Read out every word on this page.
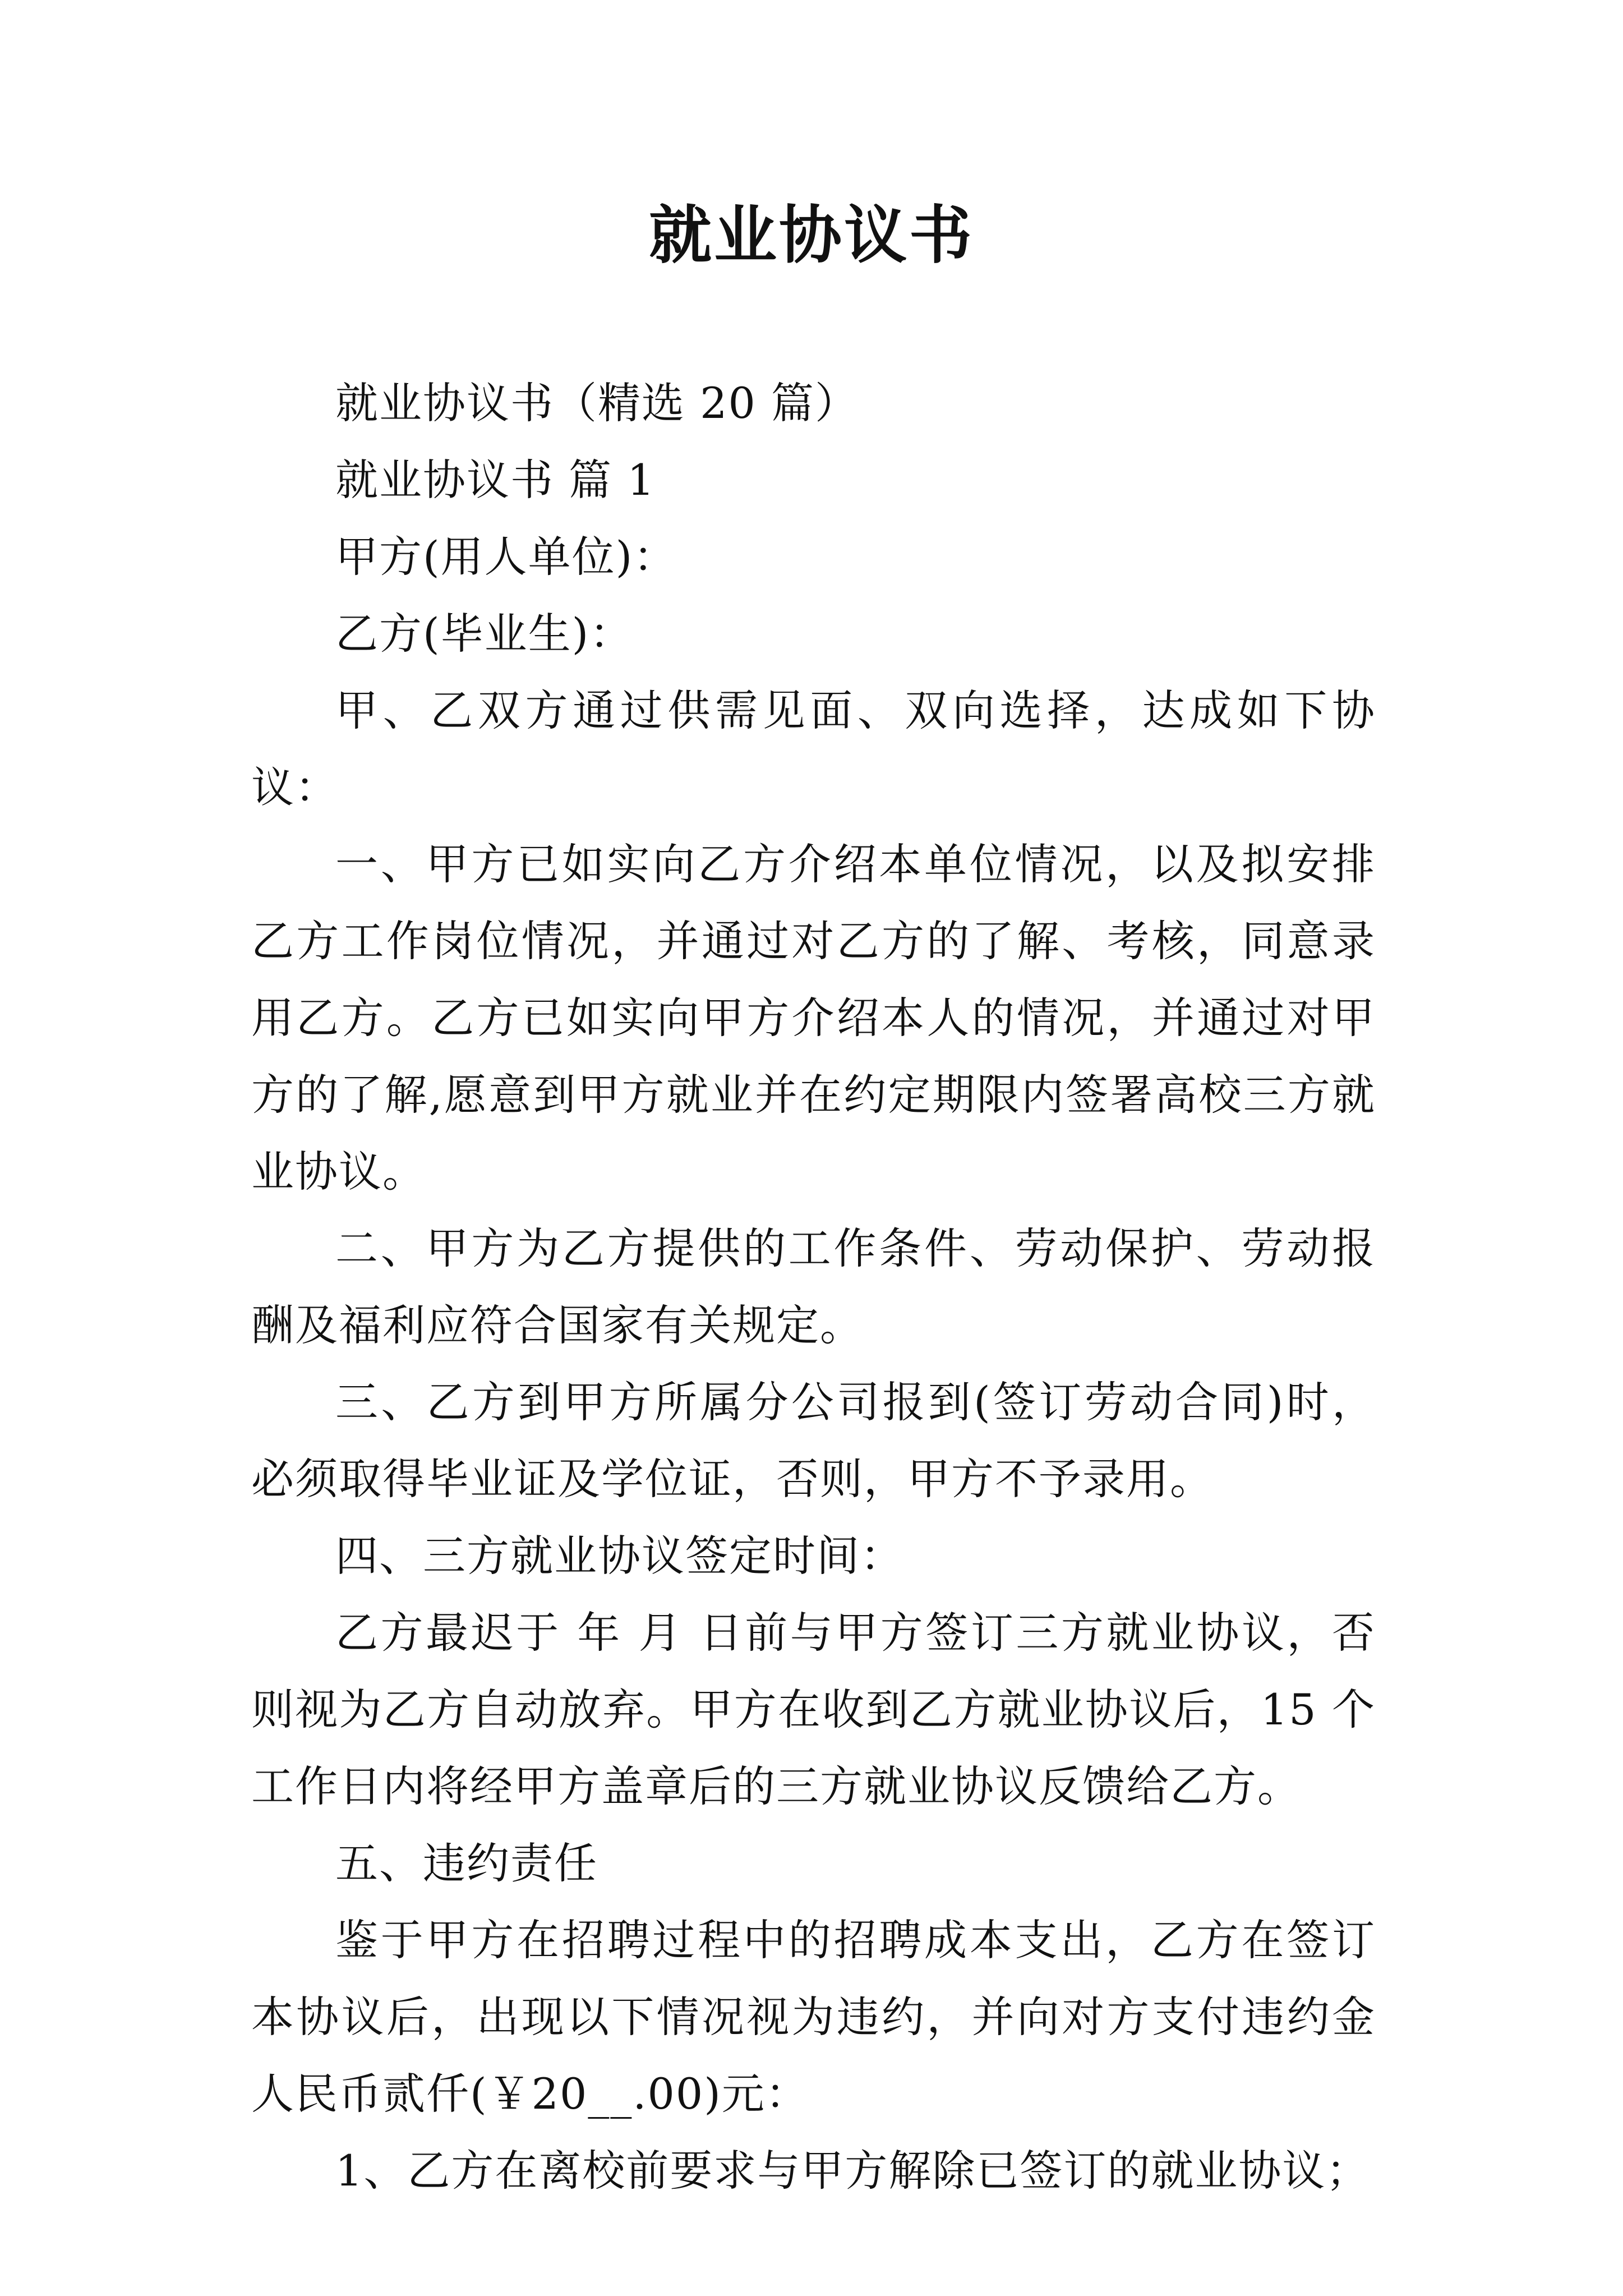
就业协议书

就业协议书（精选 20 篇）

就业协议书 篇 1

甲方(用人单位)：

乙方(毕业生)：

甲、乙双方通过供需见面、双向选择，达成如下协议：

一、甲方已如实向乙方介绍本单位情况，以及拟安排乙方工作岗位情况，并通过对乙方的了解、考核，同意录用乙方。乙方已如实向甲方介绍本人的情况，并通过对甲方的了解,愿意到甲方就业并在约定期限内签署高校三方就业协议。

二、甲方为乙方提供的工作条件、劳动保护、劳动报酬及福利应符合国家有关规定。

三、乙方到甲方所属分公司报到(签订劳动合同)时，必须取得毕业证及学位证，否则，甲方不予录用。

四、三方就业协议签定时间：

乙方最迟于 年 月 日前与甲方签订三方就业协议，否则视为乙方自动放弃。甲方在收到乙方就业协议后，15 个工作日内将经甲方盖章后的三方就业协议反馈给乙方。

五、违约责任

鉴于甲方在招聘过程中的招聘成本支出，乙方在签订本协议后，出现以下情况视为违约，并向对方支付违约金人民币贰仟(￥20__.00)元：

1、乙方在离校前要求与甲方解除已签订的就业协议；
